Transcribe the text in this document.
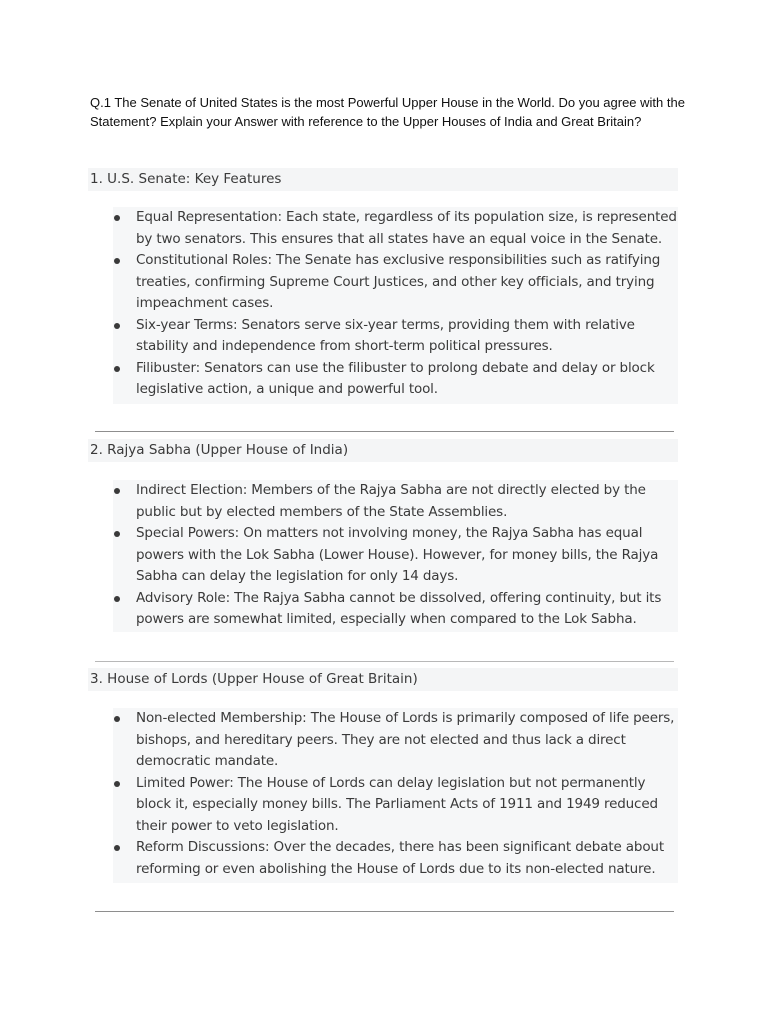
Q.1 The Senate of United States is the most Powerful Upper House in the World. Do you agree with the Statement? Explain your Answer with reference to the Upper Houses of India and Great Britain?

1. U.S. Senate: Key Features
Equal Representation: Each state, regardless of its population size, is represented by two senators. This ensures that all states have an equal voice in the Senate.
Constitutional Roles: The Senate has exclusive responsibilities such as ratifying treaties, confirming Supreme Court Justices, and other key officials, and trying impeachment cases.
Six-year Terms: Senators serve six-year terms, providing them with relative stability and independence from short-term political pressures.
Filibuster: Senators can use the filibuster to prolong debate and delay or block legislative action, a unique and powerful tool.
2. Rajya Sabha (Upper House of India)
Indirect Election: Members of the Rajya Sabha are not directly elected by the public but by elected members of the State Assemblies.
Special Powers: On matters not involving money, the Rajya Sabha has equal powers with the Lok Sabha (Lower House). However, for money bills, the Rajya Sabha can delay the legislation for only 14 days.
Advisory Role: The Rajya Sabha cannot be dissolved, offering continuity, but its powers are somewhat limited, especially when compared to the Lok Sabha.
3. House of Lords (Upper House of Great Britain)
Non-elected Membership: The House of Lords is primarily composed of life peers, bishops, and hereditary peers. They are not elected and thus lack a direct democratic mandate.
Limited Power: The House of Lords can delay legislation but not permanently block it, especially money bills. The Parliament Acts of 1911 and 1949 reduced their power to veto legislation.
Reform Discussions: Over the decades, there has been significant debate about reforming or even abolishing the House of Lords due to its non-elected nature.
